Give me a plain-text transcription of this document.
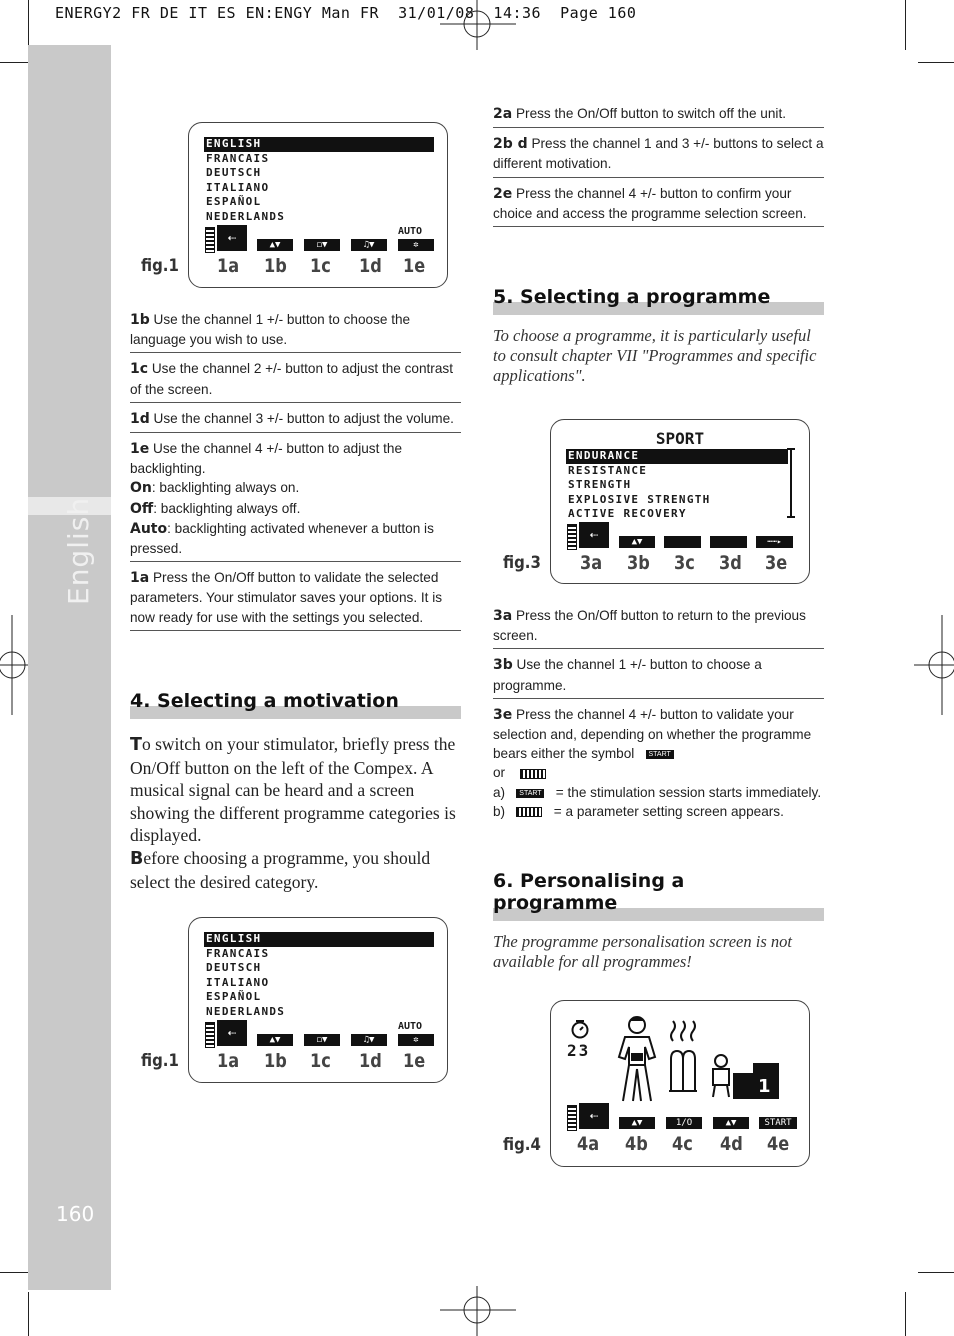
ENERGY2 FR DE IT ES EN:ENGY Man FR  31/01/08  14:36  Page 160
English
160
fig.1
ENGLISH
FRANCAIS
DEUTSCH
ITALIANO
ESPAÑOL
NEDERLANDS
⇠	▲▼	◻▼	♫▼
AUTO
✲
1a 1b 1c 1d 1e
1b Use the channel 1 +/- button to choose the language you wish to use.
1c Use the channel 2 +/- button to adjust the contrast of the screen.
1d Use the channel 3 +/- button to adjust the volume.
1e Use the channel 4 +/- button to adjust the backlighting.
On: backlighting always on.
Off: backlighting always off.
Auto: backlighting activated whenever a button is pressed.
1a Press the On/Off button to validate the selected parameters. Your stimulator saves your options. It is now ready for use with the settings you selected.
4. Selecting a motivation
To switch on your stimulator, briefly press the On/Off button on the left of the Compex. A musical signal can be heard and a screen showing the different programme categories is displayed.
Before choosing a programme, you should select the desired category.
fig.1
ENGLISH
FRANCAIS
DEUTSCH
ITALIANO
ESPAÑOL
NEDERLANDS
⇠	▲▼	◻▼	♫▼
AUTO
✲
1a 1b 1c 1d 1e
2a Press the On/Off button to switch off the unit.
2b d Press the channel 1 and 3 +/- buttons to select a different motivation.
2e Press the channel 4 +/- button to confirm your choice and access the programme selection screen.
5. Selecting a programme
To choose a programme, it is particularly useful to consult chapter VII "Programmes and specific applications".
fig.3
SPORT
ENDURANCE
RESISTANCE
STRENGTH
EXPLOSIVE STRENGTH
ACTIVE RECOVERY
⇠	▲▼	┅┅▸
3a 3b 3c 3d 3e
3a Press the On/Off button to return to the previous screen.
3b Use the channel 1 +/- button to choose a programme.
3e Press the channel 4 +/- button to validate your selection and, depending on whether the programme bears either the symbol START
or
a) START = the stimulation session starts immediately.
b)	= a parameter setting screen appears.
6. Personalising a
programme
The programme personalisation screen is not available for all programmes!
fig.4
23
1
⇠	▲▼	1/O	▲▼	START
4a 4b 4c 4d 4e
